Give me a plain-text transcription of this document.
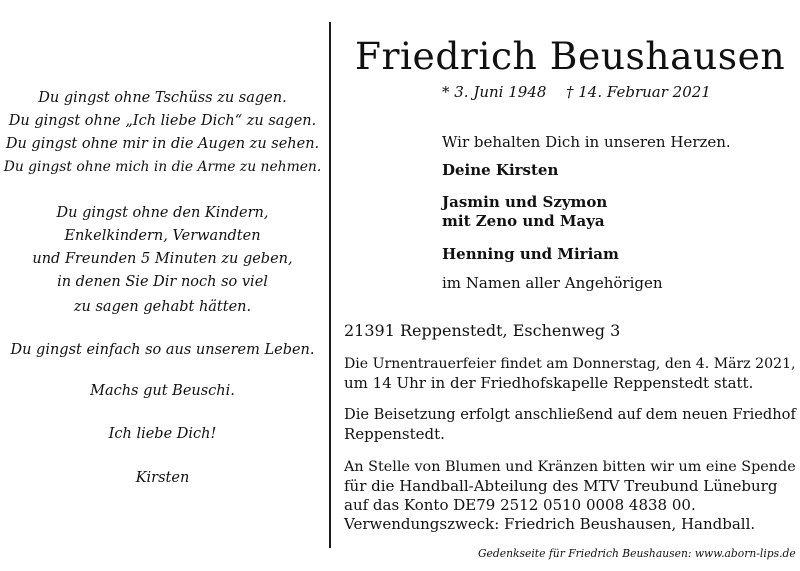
Du gingst ohne Tschüss zu sagen.
Du gingst ohne „Ich liebe Dich“ zu sagen.
Du gingst ohne mir in die Augen zu sehen.
Du gingst ohne mich in die Arme zu nehmen.
Du gingst ohne den Kindern,
Enkelkindern, Verwandten
und Freunden 5 Minuten zu geben,
in denen Sie Dir noch so viel
zu sagen gehabt hätten.
Du gingst einfach so aus unserem Leben.
Machs gut Beuschi.
Ich liebe Dich!
Kirsten
Friedrich Beushausen
* 3. Juni 1948 † 14. Februar 2021
Wir behalten Dich in unseren Herzen.
Deine Kirsten
Jasmin und Szymon
mit Zeno und Maya
Henning und Miriam
im Namen aller Angehörigen
21391 Reppenstedt, Eschenweg 3
Die Urnentrauerfeier findet am Donnerstag, den 4. März 2021,
um 14 Uhr in der Friedhofskapelle Reppenstedt statt.
Die Beisetzung erfolgt anschließend auf dem neuen Friedhof
Reppenstedt.
An Stelle von Blumen und Kränzen bitten wir um eine Spende
für die Handball-Abteilung des MTV Treubund Lüneburg
auf das Konto DE79 2512 0510 0008 4838 00.
Verwendungszweck: Friedrich Beushausen, Handball.
Gedenkseite für Friedrich Beushausen: www.aborn-lips.de
